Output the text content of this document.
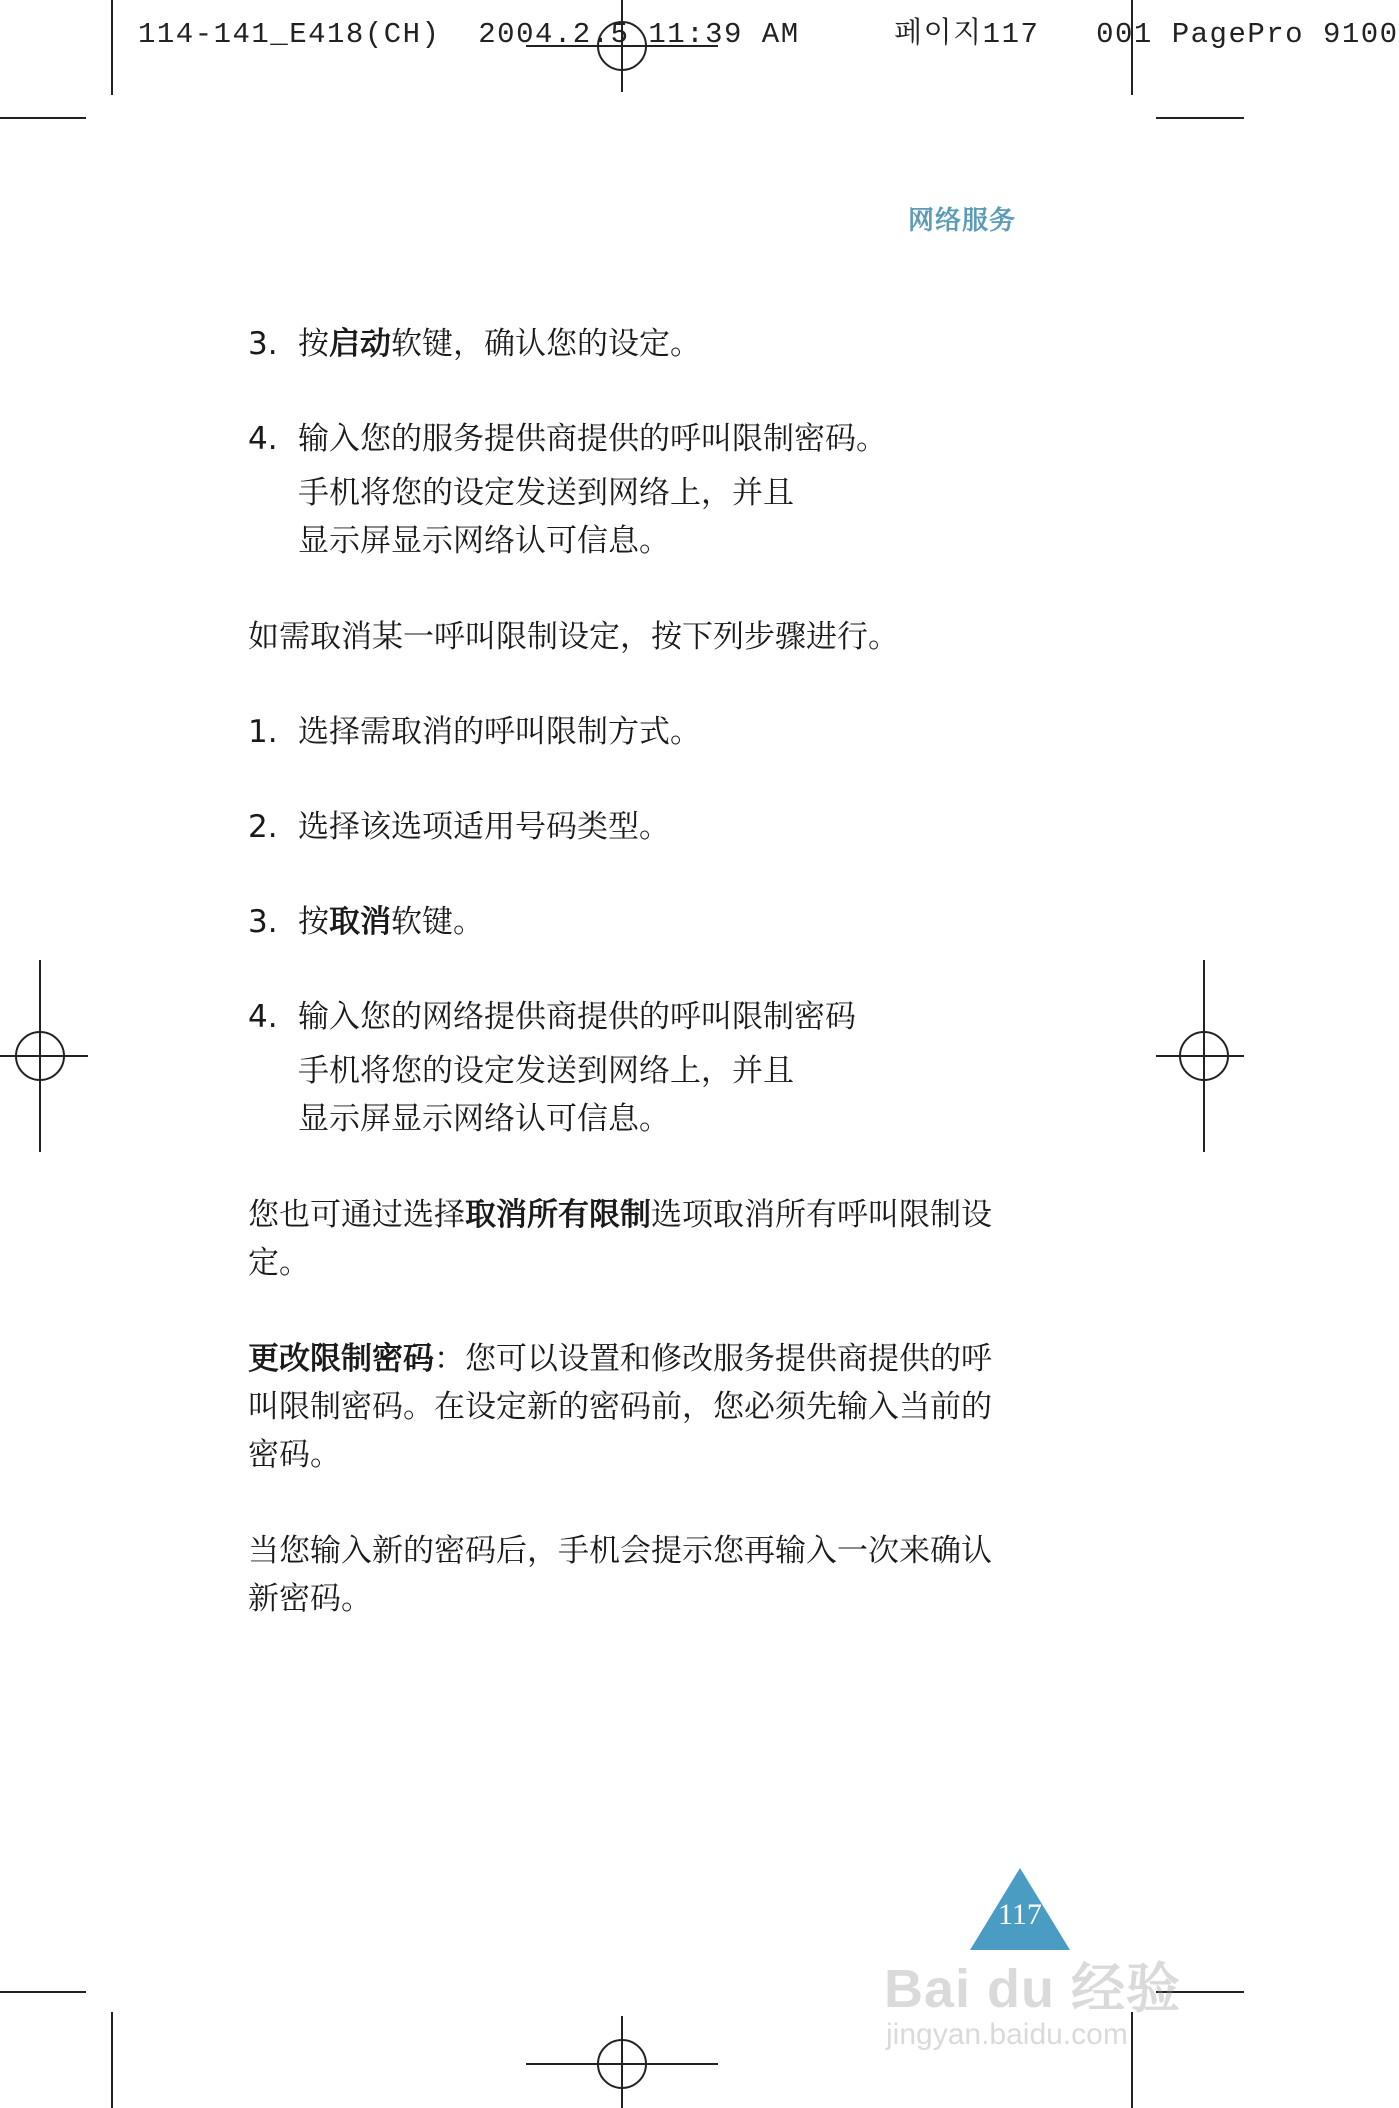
114-141_E418(CH) 2004.2.5 11:39 AM	페이지117 001 PagePro 9100
网络服务
3. 按启动软键，确认您的设定。
4. 输入您的服务提供商提供的呼叫限制密码。

手机将您的设定发送到网络上，并且显示屏显示网络认可信息。

如需取消某一呼叫限制设定，按下列步骤进行。

1. 选择需取消的呼叫限制方式。
2. 选择该选项适用号码类型。
3. 按取消软键。
4. 输入您的网络提供商提供的呼叫限制密码

手机将您的设定发送到网络上，并且显示屏显示网络认可信息。

您也可通过选择取消所有限制选项取消所有呼叫限制设定。

更改限制密码：您可以设置和修改服务提供商提供的呼叫限制密码。在设定新的密码前，您必须先输入当前的密码。

当您输入新的密码后，手机会提示您再输入一次来确认新密码。

117
Bai du 经验
jingyan.baidu.com
